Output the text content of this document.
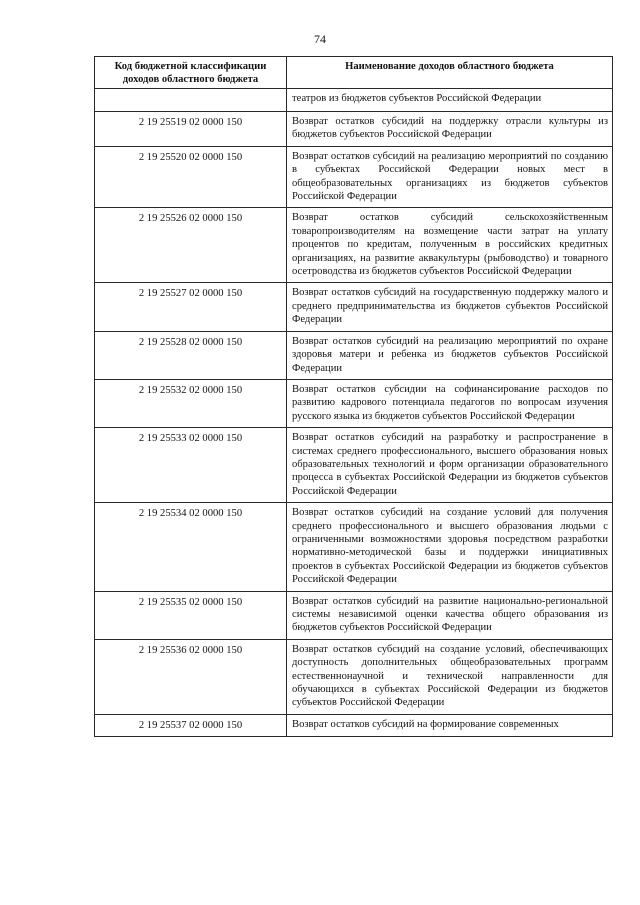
74
Код бюджетной классификации доходов областного бюджета	Наименование доходов областного бюджета
	театров из бюджетов субъектов Российской Федерации
2 19 25519 02 0000 150	Возврат остатков субсидий на поддержку отрасли культуры из бюджетов субъектов Российской Федерации
2 19 25520 02 0000 150	Возврат остатков субсидий на реализацию мероприятий по созданию в субъектах Российской Федерации новых мест в общеобразовательных организациях из бюджетов субъектов Российской Федерации
2 19 25526 02 0000 150	Возврат остатков субсидий сельскохозяйственным товаропроизводителям на возмещение части затрат на уплату процентов по кредитам, полученным в российских кредитных организациях, на развитие аквакультуры (рыбоводство) и товарного осетроводства из бюджетов субъектов Российской Федерации
2 19 25527 02 0000 150	Возврат остатков субсидий на государственную поддержку малого и среднего предпринимательства из бюджетов субъектов Российской Федерации
2 19 25528 02 0000 150	Возврат остатков субсидий на реализацию мероприятий по охране здоровья матери и ребенка из бюджетов субъектов Российской Федерации
2 19 25532 02 0000 150	Возврат остатков субсидии на софинансирование расходов по развитию кадрового потенциала педагогов по вопросам изучения русского языка из бюджетов субъектов Российской Федерации
2 19 25533 02 0000 150	Возврат остатков субсидий на разработку и распространение в системах среднего профессионального, высшего образования новых образовательных технологий и форм организации образовательного процесса в субъектах Российской Федерации из бюджетов субъектов Российской Федерации
2 19 25534 02 0000 150	Возврат остатков субсидий на создание условий для получения среднего профессионального и высшего образования людьми с ограниченными возможностями здоровья посредством разработки нормативно-методической базы и поддержки инициативных проектов в субъектах Российской Федерации из бюджетов субъектов Российской Федерации
2 19 25535 02 0000 150	Возврат остатков субсидий на развитие национально-региональной системы независимой оценки качества общего образования из бюджетов субъектов Российской Федерации
2 19 25536 02 0000 150	Возврат остатков субсидий на создание условий, обеспечивающих доступность дополнительных общеобразовательных программ естественнонаучной и технической направленности для обучающихся в субъектах Российской Федерации из бюджетов субъектов Российской Федерации
2 19 25537 02 0000 150	Возврат остатков субсидий на формирование современных
